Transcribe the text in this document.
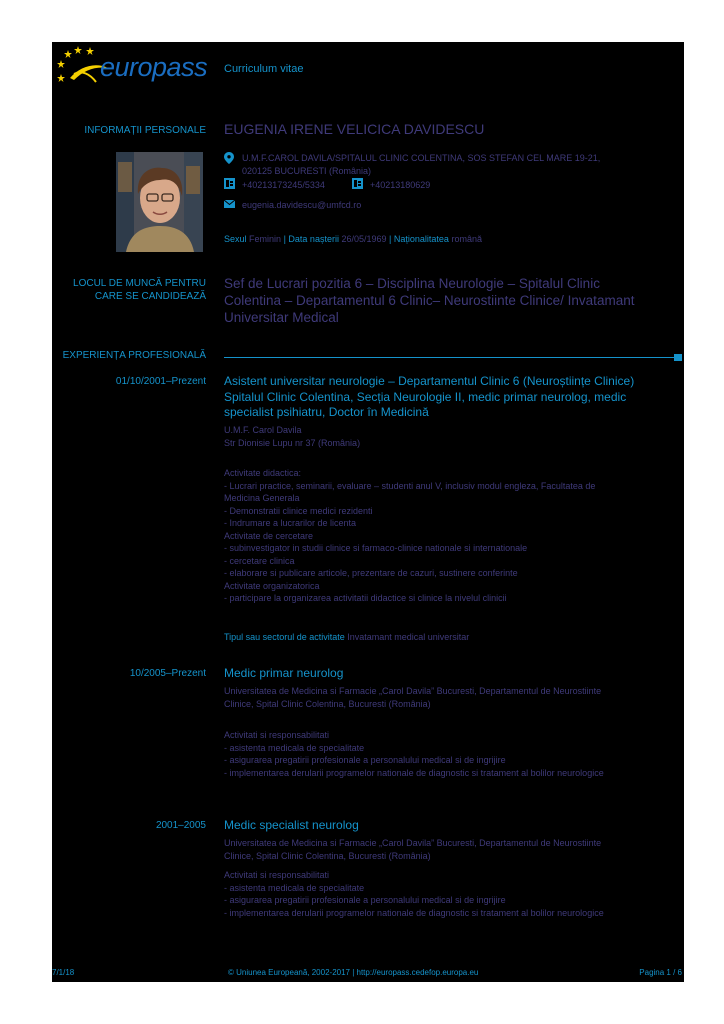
europass Curriculum vitae
INFORMAȚII PERSONALE EUGENIA IRENE VELICICA DAVIDESCU
U.M.F.CAROL DAVILA/SPITALUL CLINIC COLENTINA, SOS STEFAN CEL MARE 19-21,
020125 BUCURESTI (România)
+40213173245/5334	+40213180629
eugenia.davidescu@umfcd.ro
Sexul Feminin | Data nașterii 26/05/1969 | Naționalitatea română
LOCUL DE MUNCĂ PENTRU
CARE SE CANDIDEAZĂ
Sef de Lucrari pozitia 6 – Disciplina Neurologie – Spitalul Clinic
Colentina – Departamentul 6 Clinic– Neurostiinte Clinice/ Invatamant
Universitar Medical
EXPERIENȚA PROFESIONALĂ
01/10/2001–Prezent Asistent universitar neurologie – Departamentul Clinic 6 (Neuroștiințe Clinice)
Spitalul Clinic Colentina, Secția Neurologie II, medic primar neurolog, medic
specialist psihiatru, Doctor în Medicină
U.M.F. Carol Davila
Str Dionisie Lupu nr 37 (România)
Activitate didactica:
- Lucrari practice, seminarii, evaluare – studenti anul V, inclusiv modul engleza, Facultatea de
Medicina Generala
- Demonstratii clinice medici rezidenti
- Indrumare a lucrarilor de licenta
Activitate de cercetare
- subinvestigator in studii clinice si farmaco-clinice nationale si internationale
- cercetare clinica
- elaborare si publicare articole, prezentare de cazuri, sustinere conferinte
Activitate organizatorica
- participare la organizarea activitatii didactice si clinice la nivelul clinicii
Tipul sau sectorul de activitate Invatamant medical universitar
10/2005–Prezent Medic primar neurolog
Universitatea de Medicina si Farmacie „Carol Davila” Bucuresti, Departamentul de Neurostiinte
Clinice, Spital Clinic Colentina, Bucuresti (România)
Activitati si responsabilitati
- asistenta medicala de specialitate
- asigurarea pregatirii profesionale a personalului medical si de ingrijire
- implementarea derularii programelor nationale de diagnostic si tratament al bolilor neurologice
2001–2005 Medic specialist neurolog
Universitatea de Medicina si Farmacie „Carol Davila” Bucuresti, Departamentul de Neurostiinte
Clinice, Spital Clinic Colentina, Bucuresti (România)
Activitati si responsabilitati
- asistenta medicala de specialitate
- asigurarea pregatirii profesionale a personalului medical si de ingrijire
- implementarea derularii programelor nationale de diagnostic si tratament al bolilor neurologice
7/1/18	© Uniunea Europeană, 2002-2017 | http://europass.cedefop.europa.eu	Pagina 1 / 6
